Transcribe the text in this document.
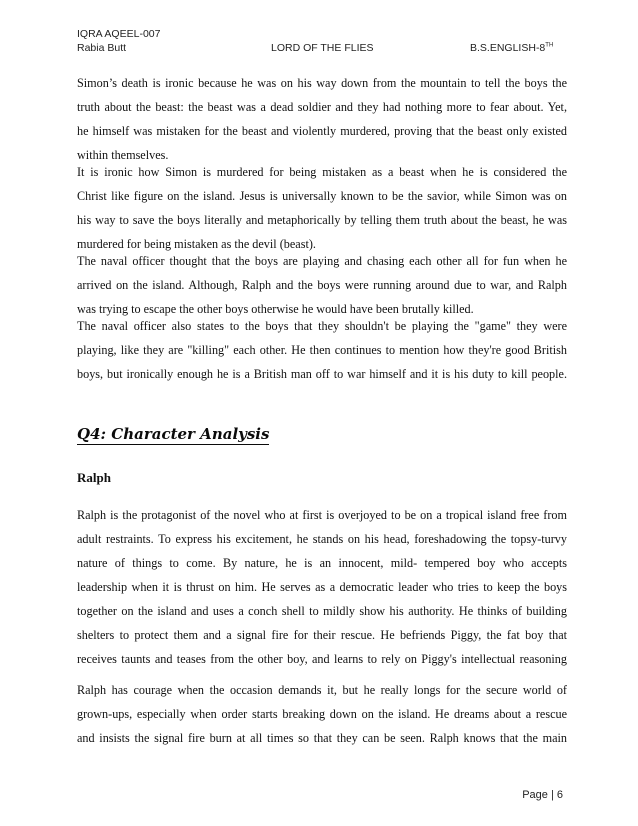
IQRA AQEEL-007
Rabia Butt	LORD OF THE FLIES	B.S.ENGLISH-8TH
Simon’s death is ironic because he was on his way down from the mountain to tell the boys the
truth about the beast: the beast was a dead soldier and they had nothing more to fear about. Yet,
he himself was mistaken for the beast and violently murdered, proving that the beast only existed
within themselves.
It is ironic how Simon is murdered for being mistaken as a beast when he is considered the
Christ like figure on the island. Jesus is universally known to be the savior, while Simon was on
his way to save the boys literally and metaphorically by telling them truth about the beast, he was
murdered for being mistaken as the devil (beast).
The naval officer thought that the boys are playing and chasing each other all for fun when he
arrived on the island. Although, Ralph and the boys were running around due to war, and Ralph
was trying to escape the other boys otherwise he would have been brutally killed.
The naval officer also states to the boys that they shouldn't be playing the "game" they were
playing, like they are "killing" each other. He then continues to mention how they're good British
boys, but ironically enough he is a British man off to war himself and it is his duty to kill people.
Q4: Character Analysis
Ralph
Ralph is the protagonist of the novel who at first is overjoyed to be on a tropical island free from
adult restraints. To express his excitement, he stands on his head, foreshadowing the topsy-turvy
nature of things to come. By nature, he is an innocent, mild- tempered boy who accepts
leadership when it is thrust on him. He serves as a democratic leader who tries to keep the boys
together on the island and uses a conch shell to mildly show his authority. He thinks of building
shelters to protect them and a signal fire for their rescue. He befriends Piggy, the fat boy that
receives taunts and teases from the other boy, and learns to rely on Piggy's intellectual reasoning
Ralph has courage when the occasion demands it, but he really longs for the secure world of
grown-ups, especially when order starts breaking down on the island. He dreams about a rescue
and insists the signal fire burn at all times so that they can be seen. Ralph knows that the main
Page | 6
